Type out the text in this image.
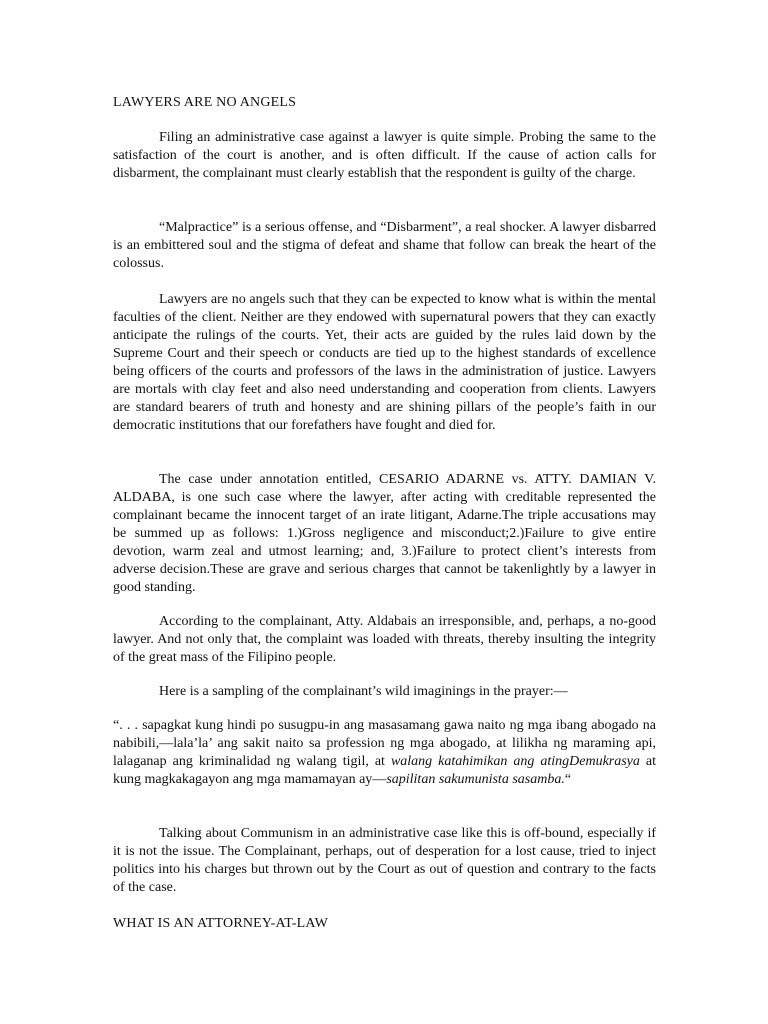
LAWYERS ARE NO ANGELS

Filing an administrative case against a lawyer is quite simple. Probing the same to the satisfaction of the court is another, and is often difficult. If the cause of action calls for disbarment, the complainant must clearly establish that the respondent is guilty of the charge.

“Malpractice” is a serious offense, and “Disbarment”, a real shocker. A lawyer disbarred is an embittered soul and the stigma of defeat and shame that follow can break the heart of the colossus.

Lawyers are no angels such that they can be expected to know what is within the mental faculties of the client. Neither are they endowed with supernatural powers that they can exactly anticipate the rulings of the courts. Yet, their acts are guided by the rules laid down by the Supreme Court and their speech or conducts are tied up to the highest standards of excellence being officers of the courts and professors of the laws in the administration of justice. Lawyers are mortals with clay feet and also need understanding and cooperation from clients. Lawyers are standard bearers of truth and honesty and are shining pillars of the people’s faith in our democratic institutions that our forefathers have fought and died for.

The case under annotation entitled, CESARIO ADARNE vs. ATTY. DAMIAN V. ALDABA, is one such case where the lawyer, after acting with creditable represented the complainant became the innocent target of an irate litigant, Adarne.The triple accusations may be summed up as follows: 1.)Gross negligence and misconduct;2.)Failure to give entire devotion, warm zeal and utmost learning; and, 3.)Failure to protect client’s interests from adverse decision.These are grave and serious charges that cannot be takenlightly by a lawyer in good standing.

According to the complainant, Atty. Aldabais an irresponsible, and, perhaps, a no-good lawyer. And not only that, the complaint was loaded with threats, thereby insulting the integrity of the great mass of the Filipino people.

Here is a sampling of the complainant’s wild imaginings in the prayer:—

“. . . sapagkat kung hindi po susugpu-in ang masasamang gawa naito ng mga ibang abogado na nabibili,—lala’la’ ang sakit naito sa profession ng mga abogado, at lilikha ng maraming api, lalaganap ang kriminalidad ng walang tigil, at walang katahimikan ang atingDemukrasya at kung magkakagayon ang mga mamamayan ay—sapilitan sakumunista sasamba.“

Talking about Communism in an administrative case like this is off-bound, especially if it is not the issue. The Complainant, perhaps, out of desperation for a lost cause, tried to inject politics into his charges but thrown out by the Court as out of question and contrary to the facts of the case.

WHAT IS AN ATTORNEY-AT-LAW
